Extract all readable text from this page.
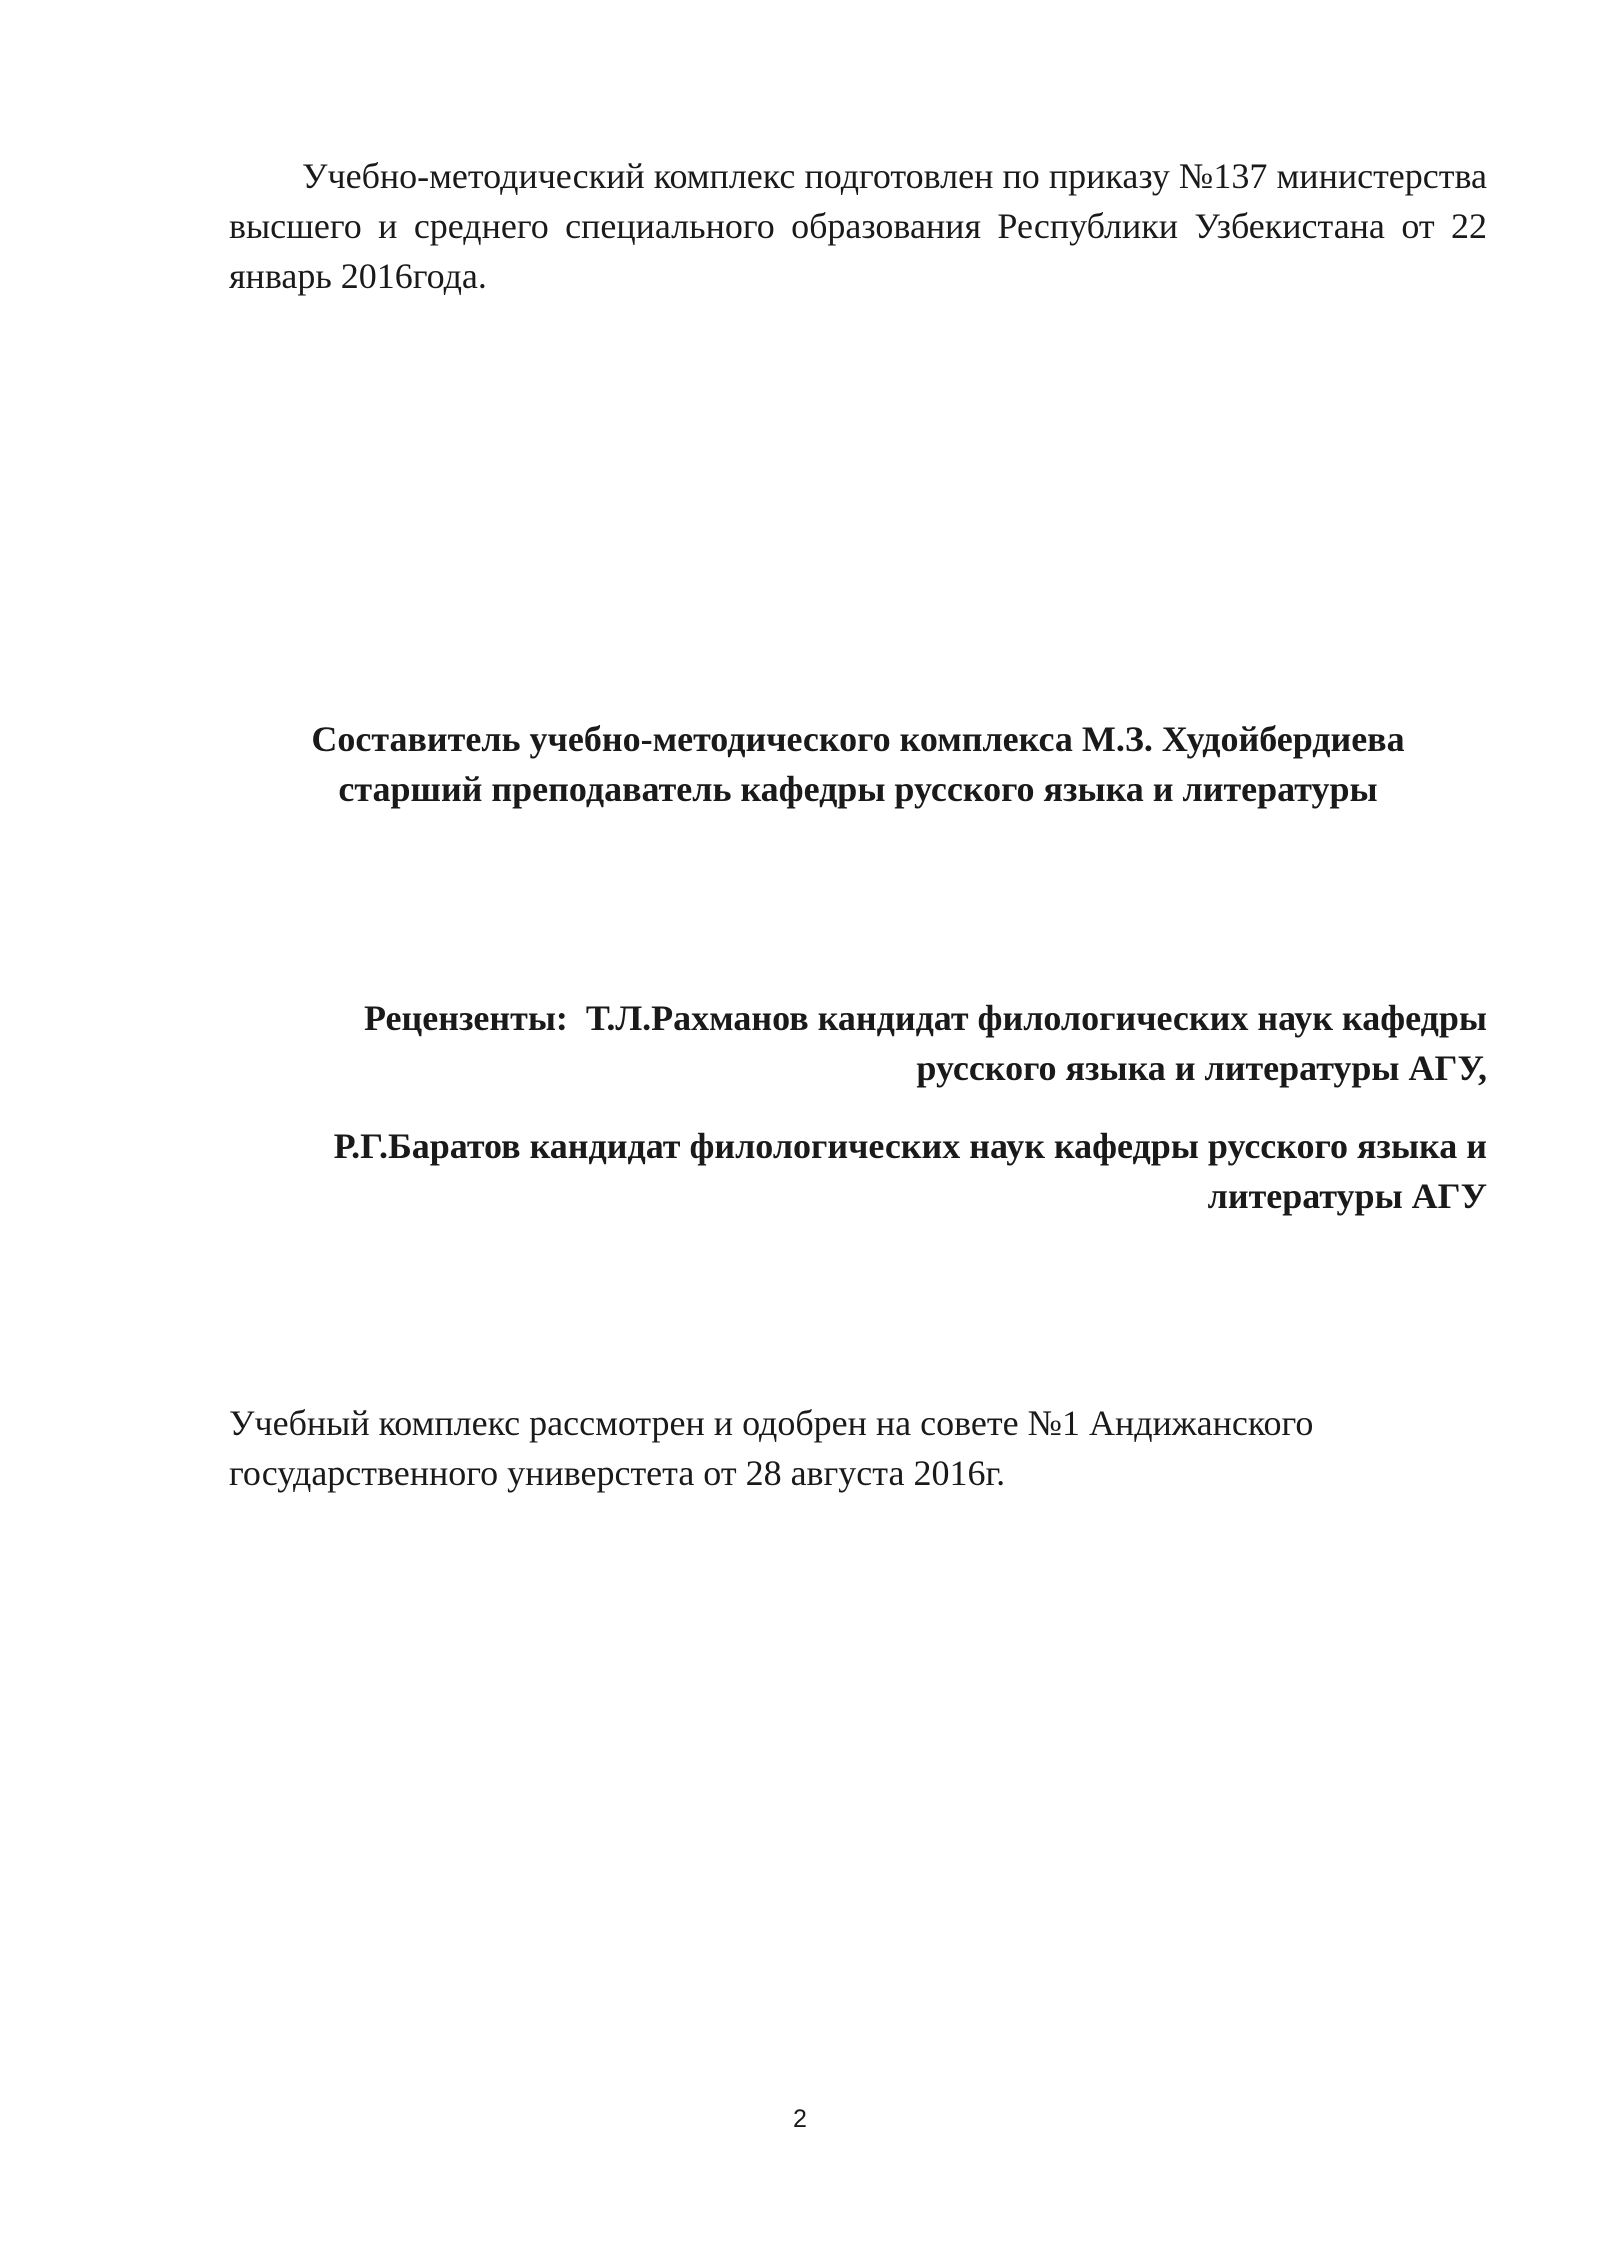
Учебно-методический комплекс подготовлен по приказу №137 министерства высшего и среднего специального образования Республики Узбекистана от 22 январь 2016года.

Составитель учебно-методического комплекса М.З. Худойбердиева
старший преподаватель кафедры русского языка и литературы

Рецензенты:  Т.Л.Рахманов кандидат филологических наук кафедры
русского языка и литературы АГУ,

Р.Г.Баратов кандидат филологических наук кафедры русского языка и
литературы АГУ

Учебный комплекс рассмотрен и одобрен на совете №1 Андижанского
государственного универстета от 28 августа 2016г.

2
